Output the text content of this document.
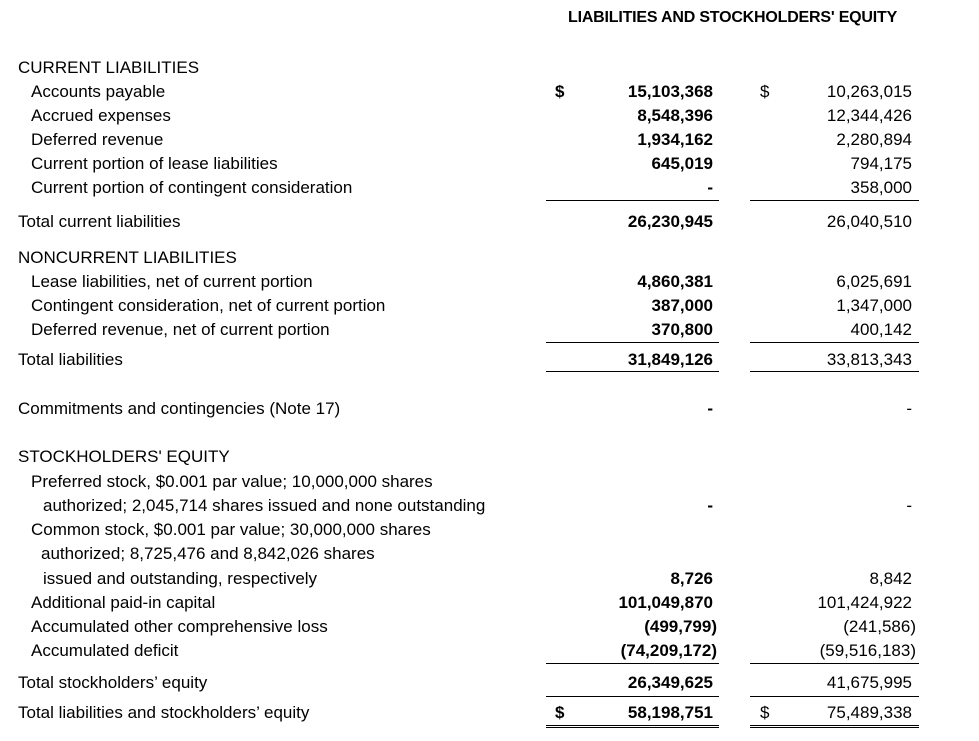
LIABILITIES AND STOCKHOLDERS' EQUITY
CURRENT LIABILITIES
Accounts payable	$	15,103,368	$	10,263,015
Accrued expenses	8,548,396	12,344,426
Deferred revenue	1,934,162	2,280,894
Current portion of lease liabilities	645,019	794,175
Current portion of contingent consideration	-	358,000
Total current liabilities	26,230,945	26,040,510
NONCURRENT LIABILITIES
Lease liabilities, net of current portion	4,860,381	6,025,691
Contingent consideration, net of current portion	387,000	1,347,000
Deferred revenue, net of current portion	370,800	400,142
Total liabilities	31,849,126	33,813,343
Commitments and contingencies (Note 17)	-	-
STOCKHOLDERS' EQUITY
Preferred stock, $0.001 par value; 10,000,000 shares
authorized; 2,045,714 shares issued and none outstanding	-	-
Common stock, $0.001 par value; 30,000,000 shares
authorized; 8,725,476 and 8,842,026 shares
issued and outstanding, respectively	8,726	8,842
Additional paid-in capital	101,049,870	101,424,922
Accumulated other comprehensive loss	(499,799)	(241,586)
Accumulated deficit	(74,209,172)	(59,516,183)
Total stockholders’ equity	26,349,625	41,675,995
Total liabilities and stockholders’ equity	$	58,198,751	$	75,489,338
